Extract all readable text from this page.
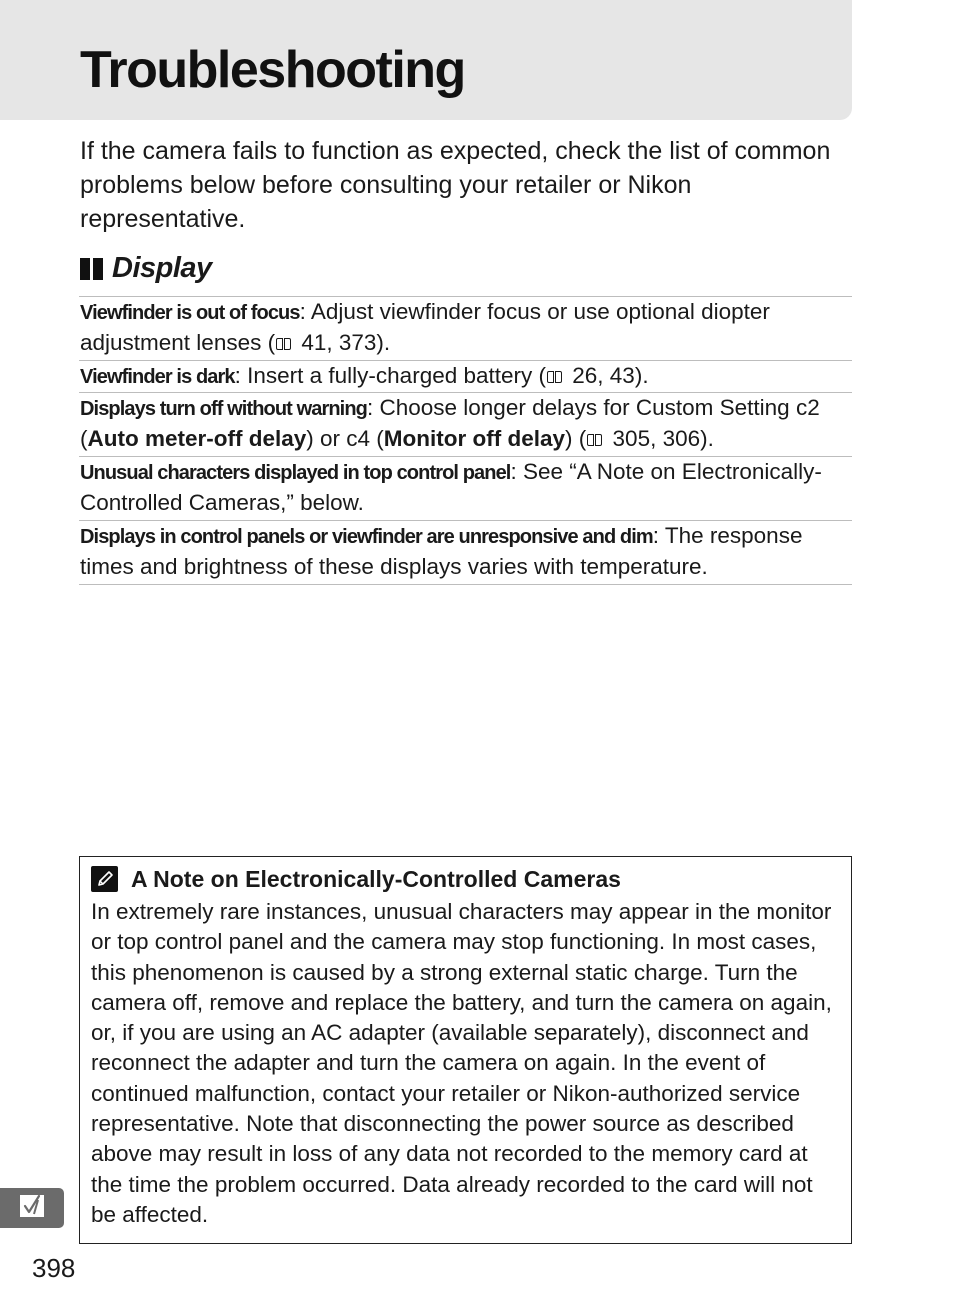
Troubleshooting

If the camera fails to function as expected, check the list of common problems below before consulting your retailer or Nikon representative.

Display
Viewfinder is out of focus: Adjust viewfinder focus or use optional diopter adjustment lenses ( 41, 373).
Viewfinder is dark: Insert a fully-charged battery ( 26, 43).
Displays turn off without warning: Choose longer delays for Custom Setting c2 (Auto meter-off delay) or c4 (Monitor off delay) ( 305, 306).
Unusual characters displayed in top control panel: See “A Note on Electronically-Controlled Cameras,” below.
Displays in control panels or viewfinder are unresponsive and dim: The response times and brightness of these displays varies with temperature.
A Note on Electronically-Controlled Cameras

In extremely rare instances, unusual characters may appear in the monitor or top control panel and the camera may stop functioning. In most cases, this phenomenon is caused by a strong external static charge. Turn the camera off, remove and replace the battery, and turn the camera on again, or, if you are using an AC adapter (available separately), disconnect and reconnect the adapter and turn the camera on again. In the event of continued malfunction, contact your retailer or Nikon-authorized service representative. Note that disconnecting the power source as described above may result in loss of any data not recorded to the memory card at the time the problem occurred. Data already recorded to the card will not be affected.

398
